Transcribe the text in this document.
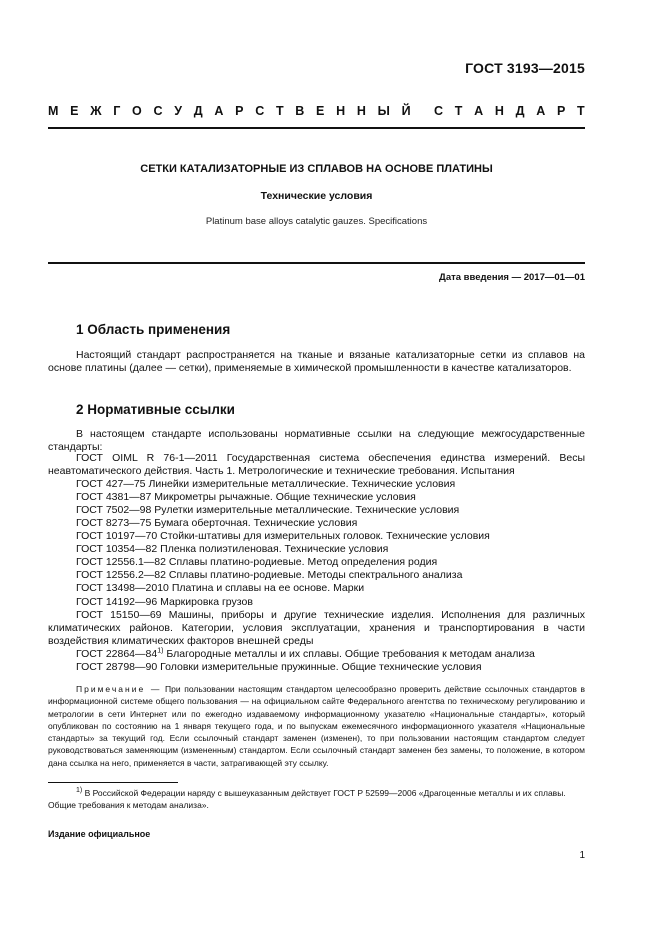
ГОСТ 3193—2015
М Е Ж Г О С У Д А Р С Т В Е Н Н Ы Й С Т А Н Д А Р Т
СЕТКИ КАТАЛИЗАТОРНЫЕ ИЗ СПЛАВОВ НА ОСНОВЕ ПЛАТИНЫ
Технические условия
Platinum base alloys catalytic gauzes. Specifications
Дата введения — 2017—01—01
1 Область применения
Настоящий стандарт распространяется на тканые и вязаные катализаторные сетки из сплавов на основе платины (далее — сетки), применяемые в химической промышленности в качестве катализаторов.
2 Нормативные ссылки
В настоящем стандарте использованы нормативные ссылки на следующие межгосударственные стандарты:
ГОСТ OIML R 76-1—2011 Государственная система обеспечения единства измерений. Весы неавтоматического действия. Часть 1. Метрологические и технические требования. Испытания
ГОСТ 427—75 Линейки измерительные металлические. Технические условия
ГОСТ 4381—87 Микрометры рычажные. Общие технические условия
ГОСТ 7502—98 Рулетки измерительные металлические. Технические условия
ГОСТ 8273—75 Бумага оберточная. Технические условия
ГОСТ 10197—70 Стойки-штативы для измерительных головок. Технические условия
ГОСТ 10354—82 Пленка полиэтиленовая. Технические условия
ГОСТ 12556.1—82 Сплавы платино-родиевые. Метод определения родия
ГОСТ 12556.2—82 Сплавы платино-родиевые. Методы спектрального анализа
ГОСТ 13498—2010 Платина и сплавы на ее основе. Марки
ГОСТ 14192—96 Маркировка грузов
ГОСТ 15150—69 Машины, приборы и другие технические изделия. Исполнения для различных климатических районов. Категории, условия эксплуатации, хранения и транспортирования в части воздействия климатических факторов внешней среды
ГОСТ 22864—84$^{1)}$ Благородные металлы и их сплавы. Общие требования к методам анализа
ГОСТ 28798—90 Головки измерительные пружинные. Общие технические условия
Примечание — При пользовании настоящим стандартом целесообразно проверить действие ссылочных стандартов в информационной системе общего пользования — на официальном сайте Федерального агентства по техническому регулированию и метрологии в сети Интернет или по ежегодно издаваемому информационному указателю «Национальные стандарты», который опубликован по состоянию на 1 января текущего года, и по выпускам ежемесячного информационного указателя «Национальные стандарты» за текущий год. Если ссылочный стандарт заменен (изменен), то при пользовании настоящим стандартом следует руководствоваться заменяющим (измененным) стандартом. Если ссылочный стандарт заменен без замены, то положение, в котором дана ссылка на него, применяется в части, затрагивающей эту ссылку.
$^{1)}$ В Российской Федерации наряду с вышеуказанным действует ГОСТ Р 52599—2006 «Драгоценные металлы и их сплавы. Общие требования к методам анализа».
Издание официальное
1
